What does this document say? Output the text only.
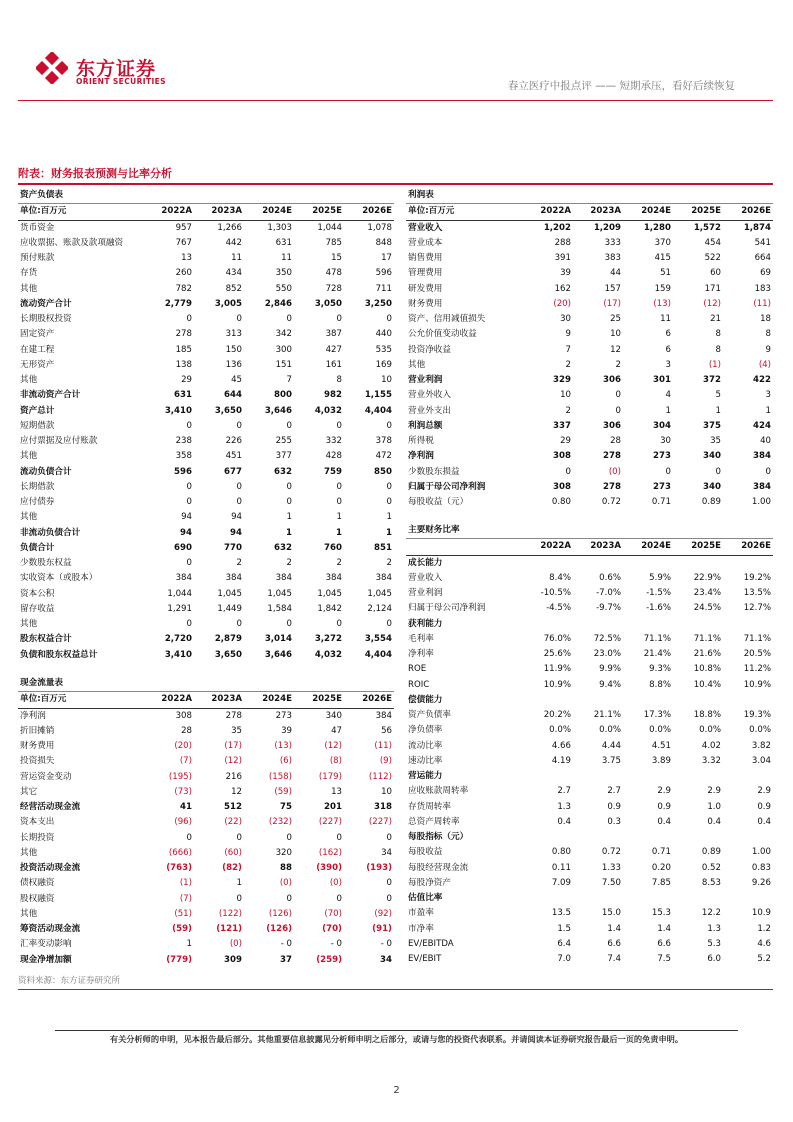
东方证券
ORIENT SECURITIES	春立医疗中报点评 —— 短期承压，看好后续恢复
附表：财务报表预测与比率分析
资产负债表					
单位:百万元	2022A	2023A	2024E	2025E	2026E
货币资金	957	1,266	1,303	1,044	1,078
应收票据、账款及款项融资	767	442	631	785	848
预付账款	13	11	11	15	17
存货	260	434	350	478	596
其他	782	852	550	728	711
流动资产合计	2,779	3,005	2,846	3,050	3,250
长期股权投资	0	0	0	0	0
固定资产	278	313	342	387	440
在建工程	185	150	300	427	535
无形资产	138	136	151	161	169
其他	29	45	7	8	10
非流动资产合计	631	644	800	982	1,155
资产总计	3,410	3,650	3,646	4,032	4,404
短期借款	0	0	0	0	0
应付票据及应付账款	238	226	255	332	378
其他	358	451	377	428	472
流动负债合计	596	677	632	759	850
长期借款	0	0	0	0	0
应付债券	0	0	0	0	0
其他	94	94	1	1	1
非流动负债合计	94	94	1	1	1
负债合计	690	770	632	760	851
少数股东权益	0	2	2	2	2
实收资本（或股本）	384	384	384	384	384
资本公积	1,044	1,045	1,045	1,045	1,045
留存收益	1,291	1,449	1,584	1,842	2,124
其他	0	0	0	0	0
股东权益合计	2,720	2,879	3,014	3,272	3,554
负债和股东权益总计	3,410	3,650	3,646	4,032	4,404
现金流量表					
单位:百万元	2022A	2023A	2024E	2025E	2026E
净利润	308	278	273	340	384
折旧摊销	28	35	39	47	56
财务费用	(20)	(17)	(13)	(12)	(11)
投资损失	(7)	(12)	(6)	(8)	(9)
营运资金变动	(195)	216	(158)	(179)	(112)
其它	(73)	12	(59)	13	10
经营活动现金流	41	512	75	201	318
资本支出	(96)	(22)	(232)	(227)	(227)
长期投资	0	0	0	0	0
其他	(666)	(60)	320	(162)	34
投资活动现金流	(763)	(82)	88	(390)	(193)
债权融资	(1)	1	(0)	(0)	0
股权融资	(7)	0	0	0	0
其他	(51)	(122)	(126)	(70)	(92)
筹资活动现金流	(59)	(121)	(126)	(70)	(91)
汇率变动影响	1	(0)	- 0	- 0	- 0
现金净增加额	(779)	309	37	(259)	34
利润表					
单位:百万元	2022A	2023A	2024E	2025E	2026E
营业收入	1,202	1,209	1,280	1,572	1,874
营业成本	288	333	370	454	541
销售费用	391	383	415	522	664
管理费用	39	44	51	60	69
研发费用	162	157	159	171	183
财务费用	(20)	(17)	(13)	(12)	(11)
资产、信用减值损失	30	25	11	21	18
公允价值变动收益	9	10	6	8	8
投资净收益	7	12	6	8	9
其他	2	2	3	(1)	(4)
营业利润	329	306	301	372	422
营业外收入	10	0	4	5	3
营业外支出	2	0	1	1	1
利润总额	337	306	304	375	424
所得税	29	28	30	35	40
净利润	308	278	273	340	384
少数股东损益	0	(0)	0	0	0
归属于母公司净利润	308	278	273	340	384
每股收益（元）	0.80	0.72	0.71	0.89	1.00
主要财务比率					
	2022A	2023A	2024E	2025E	2026E
成长能力					
营业收入	8.4%	0.6%	5.9%	22.9%	19.2%
营业利润	-10.5%	-7.0%	-1.5%	23.4%	13.5%
归属于母公司净利润	-4.5%	-9.7%	-1.6%	24.5%	12.7%
获利能力					
毛利率	76.0%	72.5%	71.1%	71.1%	71.1%
净利率	25.6%	23.0%	21.4%	21.6%	20.5%
ROE	11.9%	9.9%	9.3%	10.8%	11.2%
ROIC	10.9%	9.4%	8.8%	10.4%	10.9%
偿债能力					
资产负债率	20.2%	21.1%	17.3%	18.8%	19.3%
净负债率	0.0%	0.0%	0.0%	0.0%	0.0%
流动比率	4.66	4.44	4.51	4.02	3.82
速动比率	4.19	3.75	3.89	3.32	3.04
营运能力					
应收账款周转率	2.7	2.7	2.9	2.9	2.9
存货周转率	1.3	0.9	0.9	1.0	0.9
总资产周转率	0.4	0.3	0.4	0.4	0.4
每股指标（元）					
每股收益	0.80	0.72	0.71	0.89	1.00
每股经营现金流	0.11	1.33	0.20	0.52	0.83
每股净资产	7.09	7.50	7.85	8.53	9.26
估值比率					
市盈率	13.5	15.0	15.3	12.2	10.9
市净率	1.5	1.4	1.4	1.3	1.2
EV/EBITDA	6.4	6.6	6.6	5.3	4.6
EV/EBIT	7.0	7.4	7.5	6.0	5.2
资料来源：东方证券研究所
有关分析师的申明，见本报告最后部分。其他重要信息披露见分析师申明之后部分，或请与您的投资代表联系。并请阅读本证券研究报告最后一页的免责申明。
2
